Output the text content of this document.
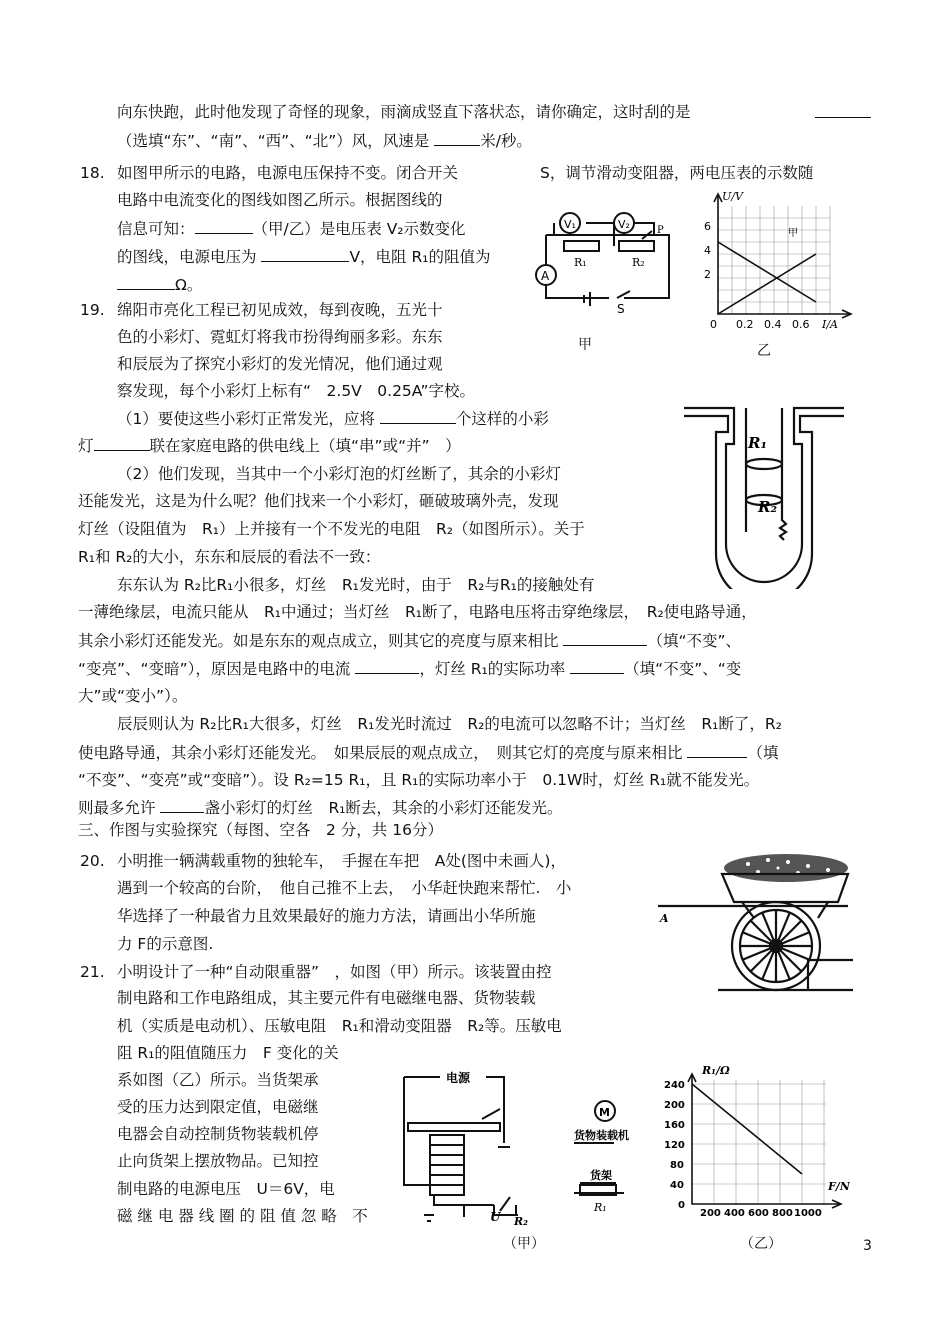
向东快跑，此时他发现了奇怪的现象，雨滴成竖直下落状态，请你确定，这时刮的是
（选填“东”、“南”、“西”、“北”）风，风速是	米/秒。
18. 如图甲所示的电路，电源电压保持不变。闭合开关	S，调节滑动变阻器，两电压表的示数随
电路中电流变化的图线如图乙所示。根据图线的
信息可知：	（甲/乙）是电压表 V₂示数变化
的图线，电源电压为	V，电阻 R₁的阻值为
Ω。
V₁	V₂
A
R₁	R₂
P
S
甲
U/V
6
4
2
0 0.2 0.4 0.6 I/A
甲
乙
19. 绵阳市亮化工程已初见成效，每到夜晚，五光十
色的小彩灯、霓虹灯将我市扮得绚丽多彩。东东
和辰辰为了探究小彩灯的发光情况，他们通过观
察发现，每个小彩灯上标有“　2.5V　0.25A”字校。
（1）要使这些小彩灯正常发光，应将	个这样的小彩
灯	联在家庭电路的供电线上（填“串”或“并”　）
（2）他们发现，当其中一个小彩灯泡的灯丝断了，其余的小彩灯
还能发光，这是为什么呢？他们找来一个小彩灯，砸破玻璃外壳，发现
灯丝（设阻值为　R₁）上并接有一个不发光的电阻　R₂（如图所示）。关于
R₁和 R₂的大小，东东和辰辰的看法不一致：
东东认为 R₂比R₁小很多，灯丝　R₁发光时，由于　R₂与R₁的接触处有
一薄绝缘层，电流只能从　R₁中通过；当灯丝　R₁断了，电路电压将击穿绝缘层，　R₂使电路导通，
其余小彩灯还能发光。如是东东的观点成立，则其它的亮度与原来相比	（填“不变”、
“变亮”、“变暗”），原因是电路中的电流	，灯丝 R₁的实际功率	（填“不变”、“变
大”或“变小”）。
辰辰则认为 R₂比R₁大很多，灯丝　R₁发光时流过　R₂的电流可以忽略不计；当灯丝　R₁断了，R₂
使电路导通，其余小彩灯还能发光。　如果辰辰的观点成立，　则其它灯的亮度与原来相比	（填
“不变”、“变亮”或“变暗”）。设 R₂=15 R₁，且 R₁的实际功率小于　0.1W时，灯丝 R₁就不能发光。
则最多允许	盏小彩灯的灯丝　R₁断去，其余的小彩灯还能发光。
R₁
R₂
三、作图与实验探究（每图、空各　2 分，共 16分）
20. 小明推一辆满载重物的独轮车，　手握在车把　A处(图中未画人)，
遇到一个较高的台阶，　他自己推不上去，　小华赶快跑来帮忙.　小
华选择了一种最省力且效果最好的施力方法，请画出小华所施
力 F的示意图.
A
21. 小明设计了一种“自动限重器”　，如图（甲）所示。该装置由控
制电路和工作电路组成，其主要元件有电磁继电器、货物装载
机（实质是电动机）、压敏电阻　R₁和滑动变阻器　R₂等。压敏电
阻 R₁的阻值随压力　F 变化的关
系如图（乙）所示。当货架承
受的压力达到限定值，电磁继
电器会自动控制货物装载机停
止向货架上摆放物品。已知控
制电路的电源电压　U＝6V，电
磁 继 电 器 线 圈 的 阻 值 忽 略　不
M
电源
货物装载机
货架
R₁
R₂
U
（甲）
R₁/Ω
240
200
160
120
80
40
0
200 400 600 800 1000
F/N
（乙）	3
